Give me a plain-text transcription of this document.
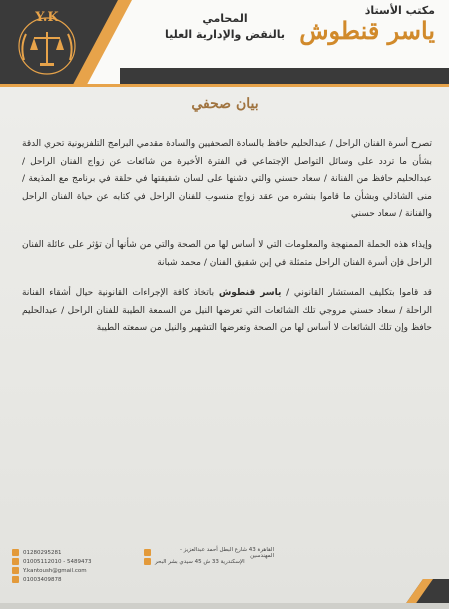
Y.K	المحامي
بالنقض والإدارية العليا
مكتب الأستاذ
ياسر قنطوش
بيان صحفي

تصرح أسرة الفنان الراحل / عبدالحليم حافظ بالسادة الصحفيين والسادة مقدمي البرامج التلفزيونية تحري الدقة بشأن ما تردد على وسائل التواصل الإجتماعي في الفترة الأخيرة من شائعات عن زواج الفنان الراحل / عبدالحليم حافظ من الفنانة / سعاد حسني والتي دشنها على لسان شقيقتها في حلقة في برنامج مع المذيعة / منى الشاذلي وبشأن ما قاموا بنشره من عقد زواج منسوب للفنان الراحل في كتابه عن حياة الفنان الراحل والفنانة / سعاد حسني

وإيذاء هذه الحملة الممنهجة والمعلومات التي لا أساس لها من الصحة والتي من شأنها أن تؤثر على عائلة الفنان الراحل فإن أسرة الفنان الراحل متمثلة في إبن شقيق الفنان / محمد شبانة

قد قاموا بتكليف المستشار القانوني / ياسر قنطوش باتخاذ كافة الإجراءات القانونية حيال أشقاء الفنانة الراحلة / سعاد حسني مروجي تلك الشائعات التي تعرضها النيل من السمعة الطيبة للفنان الراحل / عبدالحليم حافظ وإن تلك الشائعات لا أساس لها من الصحة وتعرضها التشهير والنيل من سمعته الطيبة

01280295281
01005112010 - 5489473
Y.kantoush@gmail.com
01003409878
القاهرة 43 شارع البطل أحمد عبدالعزيز - المهندسين
الإسكندرية 33 ش 45 سيدي بشر البحر
